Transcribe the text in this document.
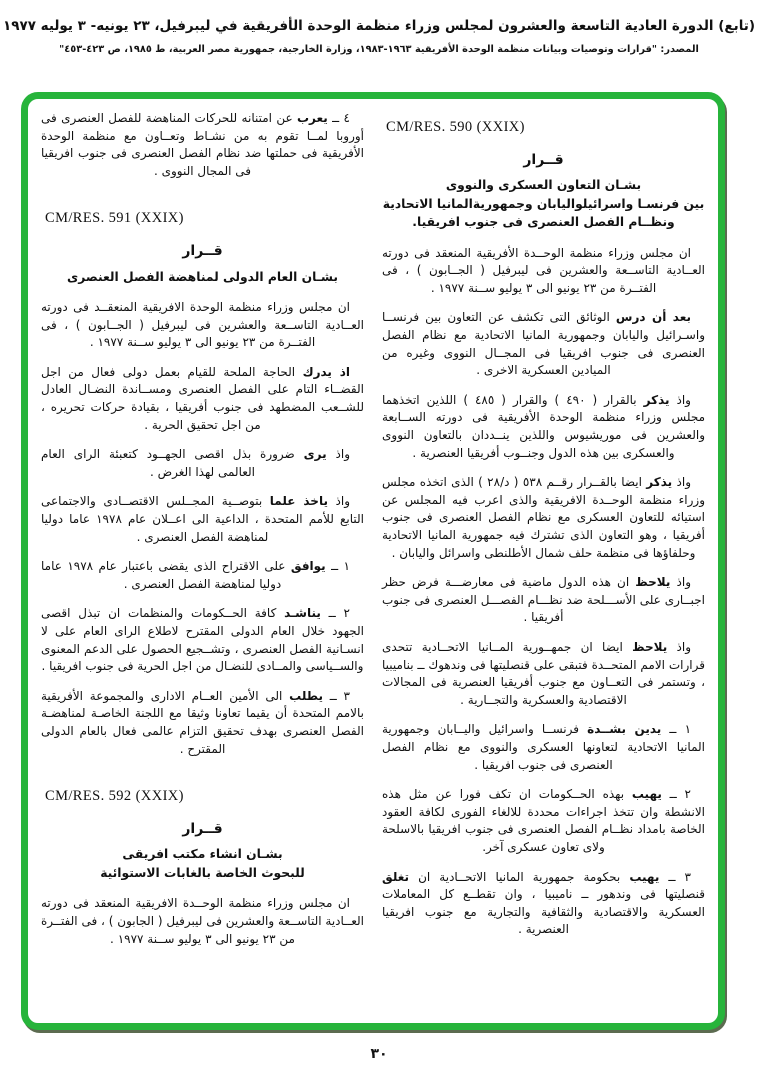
(تابع) الدورة العادية التاسعة والعشرون لمجلس وزراء منظمة الوحدة الأفريقية في ليبرفيل، ٢٣ يونيه- ٣ يوليه ١٩٧٧
المصدر: "قرارات وتوصيات وبيانات منظمة الوحدة الأفريقية ١٩٦٣-١٩٨٣، وزارة الخارجية، جمهورية مصر العربية، ط ١٩٨٥، ص ٤٢٣-٤٥٣"
CM/RES. 590 (XXIX)
قــرار
بشـان التعاون العسكرى والنووى
بين فرنسـا واسرائيلواليابان وجمهوريةالمانيا الاتحادية
ونظــام الفصل العنصرى فى جنوب افريقيا.

ان مجلس وزراء منظمة الوحــدة الأفريقية المنعقد فى دورته العــادية التاســعة والعشرين فى ليبرفيل ( الجــابون ) ، فى الفتــرة من ٢٣ يونيو الى ٣ يوليو ســنة ١٩٧٧ .

بعد أن درس الوثائق التى تكشف عن التعاون بين فرنســا واسـرائيل واليابان وجمهورية المانيا الاتحادية مع نظام الفصل العنصرى فى جنوب افريقيا فى المجــال النووى وغيره من الميادين العسكرية الاخرى .

واذ يذكر بالقرار ( ٤٩٠ ) والقرار ( ٤٨٥ ) اللذين اتخذهما مجلس وزراء منظمة الوحدة الأفريقية فى دورته الســابعة والعشرين فى موريشيوس واللذين ينــددان بالتعاون النووى والعسكرى بين هذه الدول وجنــوب أفريقيا العنصرية .

واذ يذكر ايضا بالقــرار رقــم ٥٣٨ ( د/٢٨ ) الذى اتخذه مجلس وزراء منظمة الوحــدة الافريقية والذى اعرب فيه المجلس عن استيائه للتعاون العسكرى مع نظام الفصل العنصرى فى جنوب أفريقيا ، وهو التعاون الذى تشترك فيه جمهورية المانيا الاتحادية وحلفاؤها فى منظمة حلف شمال الأطلنطى واسرائل واليابان .

واذ يلاحظ ان هذه الدول ماضية فى معارضـــة فرض حظر اجبــارى على الأســـلحة ضد نظـــام الفصـــل العنصرى فى جنوب أفريقيا .

واذ يلاحظ ايضا ان جمهــورية المــانيا الاتحــادية تتحدى قرارات الامم المتحــدة فتبقى على قنصليتها فى وندهوك ــ بناميبيا ، وتستمر فى التعــاون مع جنوب أفريقيا العنصرية فى المجالات الاقتصادية والعسكرية والتجــارية .

١ ــ يدين بشــدة فرنســا واسرائيل واليــابان وجمهورية المانيا الاتحادية لتعاونها العسكرى والنووى مع نظام الفصل العنصرى فى جنوب افريقيا .

٢ ــ يهيب بهذه الحــكومات ان تكف فورا عن مثل هذه الانشطة وان تتخذ اجراءات محددة للالغاء الفورى لكافة العقود الخاصة بامداد نظــام الفصل العنصرى فى جنوب افريقيا بالاسلحة ولاى تعاون عسكرى آخر.

٣ ــ يهيب بحكومة جمهورية المانيا الاتحــادية ان تغلق قنصليتها فى وندهور ــ ناميبيا ، وان تقطــع كل المعاملات العسكرية والاقتصادية والثقافية والتجارية مع جنوب افريقيا العنصرية .

٤ ــ يعرب عن امتنانه للحركات المناهضة للفصل العنصرى فى أوروبا لمــا تقوم به من نشـاط وتعــاون مع منظمة الوحدة الأفريقية فى حملتها ضد نظام الفصل العنصرى فى جنوب افريقيا فى المجال النووى .

CM/RES. 591 (XXIX)
قــرار
بشـان العام الدولى لمناهضة الفصل العنصرى

ان مجلس وزراء منظمة الوحدة الافريقية المنعقــد فى دورته العــادية التاســعة والعشرين فى ليبرفيل ( الجــابون ) ، فى الفتــرة من ٢٣ يونيو الى ٣ يوليو ســنة ١٩٧٧ .

اذ يدرك الحاجة الملحة للقيام بعمل دولى فعال من اجل القضــاء التام على الفصل العنصرى ومســاندة النضـال العادل للشــعب المضطهد فى جنوب أفريقيا ، بقيادة حركات تحريره ، من اجل تحقيق الحرية .

واذ يرى ضرورة بذل اقصى الجهــود كتعبئة الراى العام العالمى لهذا الغرض .

واذ ياخذ علما بتوصــية المجــلس الاقتصــادى والاجتماعى التابع للأمم المتحدة ، الداعية الى اعــلان عام ١٩٧٨ عاما دوليا لمناهضة الفصل العنصرى .

١ ــ يوافق على الاقتراح الذى يقضى باعتبار عام ١٩٧٨ عاما دوليا لمناهضة الفصل العنصرى .

٢ ــ يناشـد كافة الحــكومات والمنظمات ان تبذل اقصى الجهود خلال العام الدولى المقترح لاطلاع الراى العام على لا انسـانية الفصل العنصرى ، وتشــجيع الحصول على الدعم المعنوى والســياسى والمــادى للنضـال من اجل الحرية فى جنوب افريقيا .

٣ ــ يطلب الى الأمين العــام الادارى والمجموعة الأفريقية بالامم المتحدة أن يقيما تعاونا وثيقا مع اللجنة الخاصـة لمناهضـة الفصل العنصرى بهدف تحقيق التزام عالمى فعال بالعام الدولى المقترح .

CM/RES. 592 (XXIX)
قــرار
بشـان انشاء مكتب افريقى
للبحوث الخاصة بالغابات الاستوائية

ان مجلس وزراء منظمة الوحــدة الافريقية المنعقد فى دورته العــادية التاســعة والعشرين فى ليبرفيل ( الجابون ) ، فى الفتــرة من ٢٣ يونيو الى ٣ يوليو ســنة ١٩٧٧ .

٣٠
